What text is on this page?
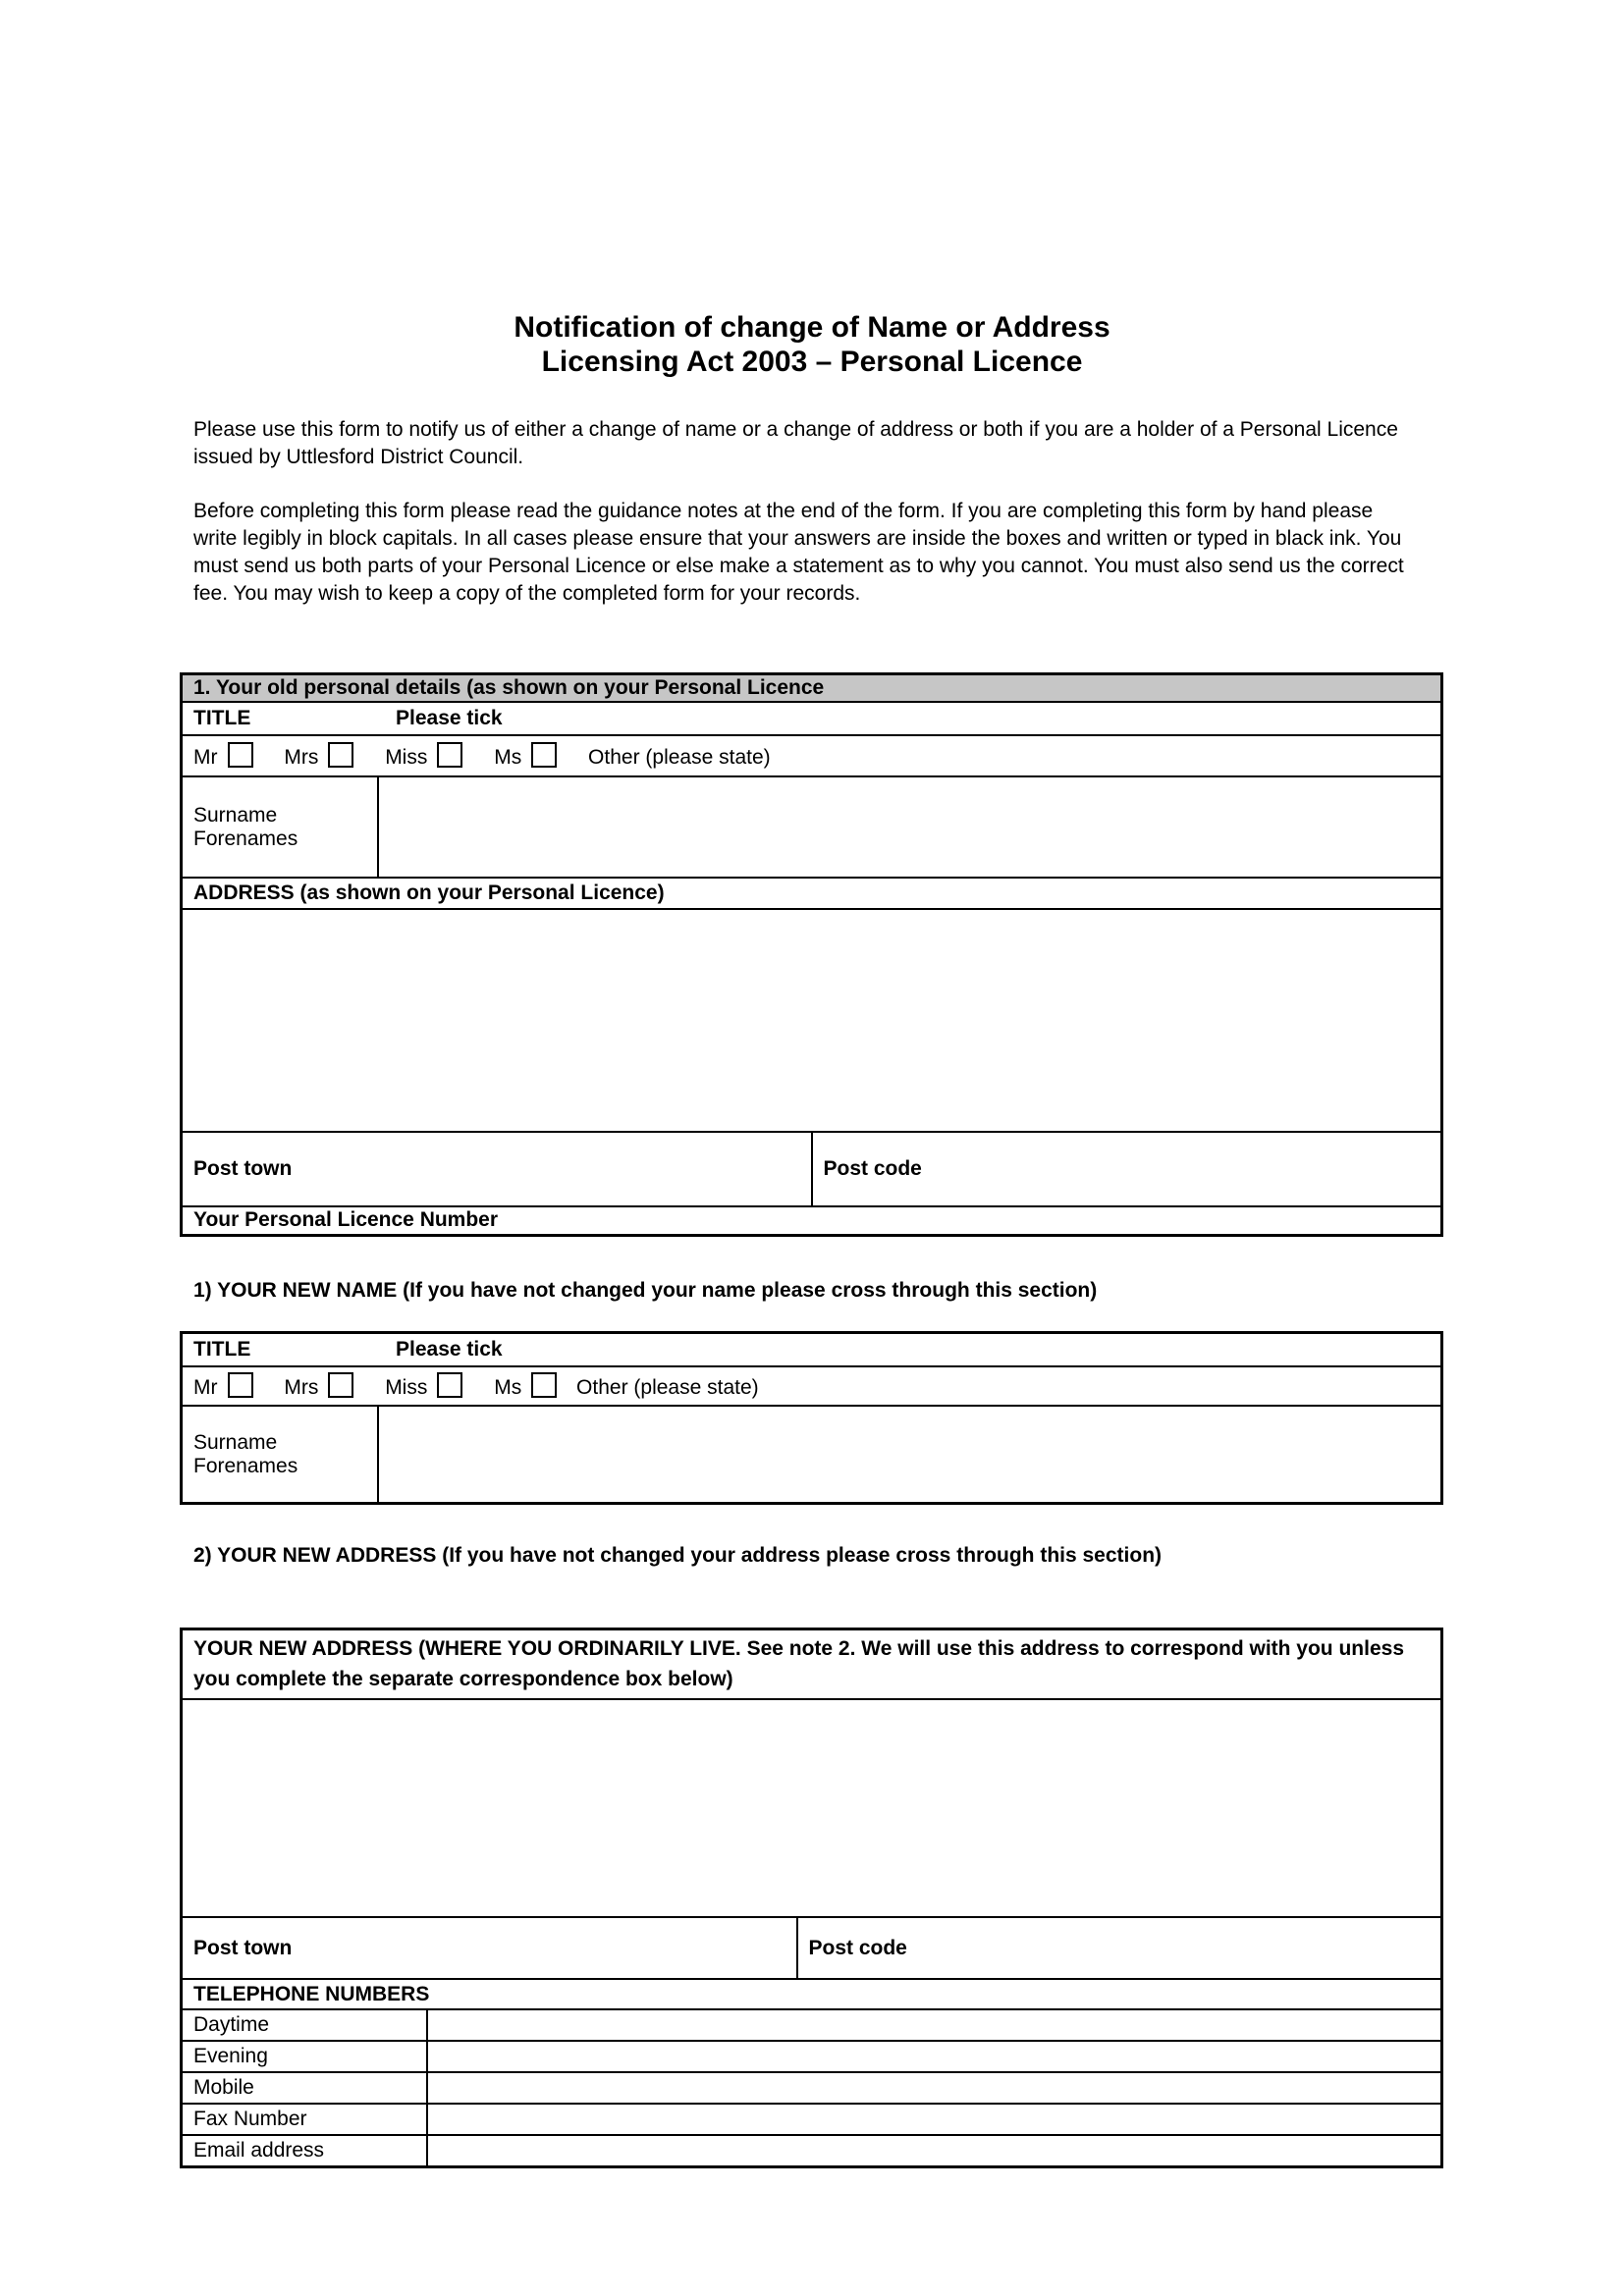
Notification of change of Name or Address
Licensing Act 2003 – Personal Licence
Please use this form to notify us of either a change of name or a change of address or both if you are a holder of a Personal Licence issued by Uttlesford District Council.
Before completing this form please read the guidance notes at the end of the form. If you are completing this form by hand please write legibly in block capitals. In all cases please ensure that your answers are inside the boxes and written or typed in black ink. You must send us both parts of your Personal Licence or else make a statement as to why you cannot. You must also send us the correct fee. You may wish to keep a copy of the completed form for your records.
1. Your old personal details (as shown on your Personal Licence		
TITLE Please tick		
Mr Mrs Miss Ms Other (please state)		

Surname
Forenames		

ADDRESS (as shown on your Personal Licence)		

Post town		Post code
Your Personal Licence Number		
1) YOUR NEW NAME (If you have not changed your name please cross through this section)
TITLE	Please tick
Mr	Mrs	Miss	Ms	Other (please state)

Surname
Forenames

2) YOUR NEW ADDRESS (If you have not changed your address please cross through this section)
YOUR NEW ADDRESS (WHERE YOU ORDINARILY LIVE. See note 2. We will use this address to correspond with you unless you complete the separate correspondence box below)		

Post town		Post code
TELEPHONE NUMBERS		
Daytime		
Evening		
Mobile		
Fax Number		
Email address		
